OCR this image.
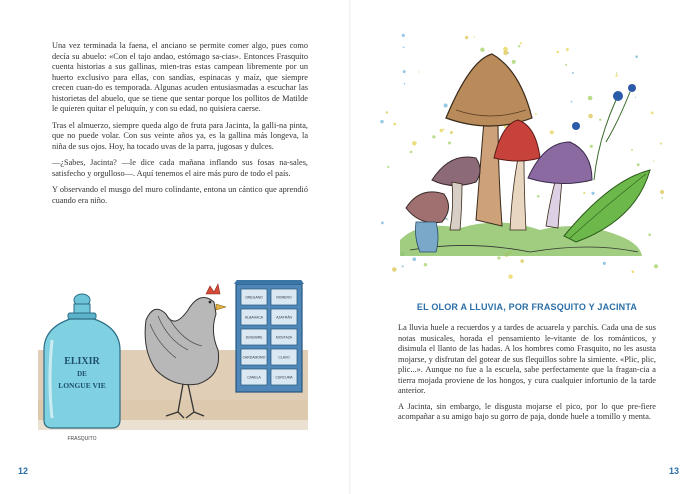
Una vez terminada la faena, el anciano se permite comer algo, pues como decía su abuelo: «Con el tajo andao, estómago sa-cias». Entonces Frasquito cuenta historias a sus gallinas, mien-tras estas campean libremente por un huerto exclusivo para ellas, con sandías, espinacas y maíz, que siempre crecen cuan-do es temporada. Algunas acuden entusiasmadas a escuchar las historietas del abuelo, que se tiene que sentar porque los pollitos de Matilde le quieren quitar el peluquín, y con su edad, no quisiera caerse.

Tras el almuerzo, siempre queda algo de fruta para Jacinta, la galli-na pinta, que no puede volar. Con sus veinte años ya, es la gallina más longeva, la niña de sus ojos. Hoy, ha tocado uvas de la parra, jugosas y dulces.

—¿Sabes, Jacinta? —le dice cada mañana inflando sus fosas na-sales, satisfecho y orgulloso—. Aquí tenemos el aire más puro de todo el país.

Y observando el musgo del muro colindante, entona un cántico que aprendió cuando era niño.

ELIXIR
DE
LONGUE VIE
FRASQUITO
OREGANO	ROMERO
ALBAHACA	AZAFRÁN
JENGIBRE	MOSTAZA
CARDAMOMO	CLAVO
CANELA	CURCUMA
12
EL OLOR A LLUVIA, POR FRASQUITO Y JACINTA

La lluvia huele a recuerdos y a tardes de acuarela y parchís. Cada una de sus notas musicales, horada el pensamiento le-vitante de los románticos, y disimula el llanto de las hadas. A los hombres como Frasquito, no les asusta mojarse, y disfrutan del gotear de sus flequillos sobre la simiente. «Plic, plic, plic...». Aunque no fue a la escuela, sabe perfectamente que la fragan-cia a tierra mojada proviene de los hongos, y cura cualquier infortunio de la tarde anterior.

A Jacinta, sin embargo, le disgusta mojarse el pico, por lo que pre-fiere acompañar a su amigo bajo su gorro de paja, donde huele a tomillo y menta.

13
